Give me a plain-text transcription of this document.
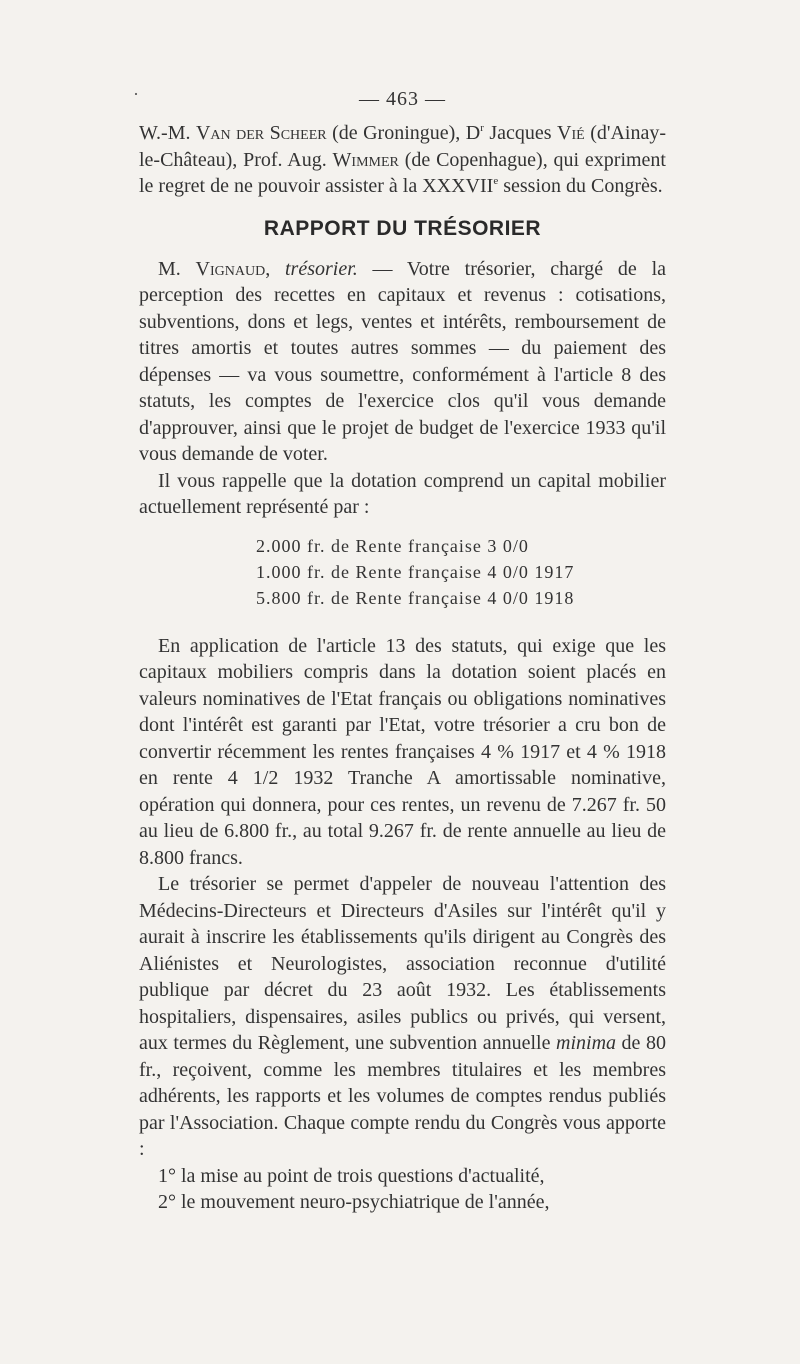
·	— 463 —

W.-M. Van der Scheer (de Groningue), $D^r$ Jacques Vié (d'Ainay-le-Château), Prof. Aug. Wimmer (de Copenhague), qui expriment le regret de ne pouvoir assister à la XXXVIIe session du Congrès.

RAPPORT DU TRÉSORIER

M. Vignaud, trésorier. — Votre trésorier, chargé de la perception des recettes en capitaux et revenus : cotisations, subventions, dons et legs, ventes et intérêts, remboursement de titres amortis et toutes autres sommes — du paiement des dépenses — va vous soumettre, conformément à l'article 8 des statuts, les comptes de l'exercice clos qu'il vous demande d'approuver, ainsi que le projet de budget de l'exercice 1933 qu'il vous demande de voter.

Il vous rappelle que la dotation comprend un capital mobilier actuellement représenté par :

2.000 fr. de Rente française 3 0/0
1.000 fr. de Rente française 4 0/0 1917
5.800 fr. de Rente française 4 0/0 1918

En application de l'article 13 des statuts, qui exige que les capitaux mobiliers compris dans la dotation soient placés en valeurs nominatives de l'Etat français ou obligations nominatives dont l'intérêt est garanti par l'Etat, votre trésorier a cru bon de convertir récemment les rentes françaises 4 % 1917 et 4 % 1918 en rente 4 1/2 1932 Tranche A amortissable nominative, opération qui donnera, pour ces rentes, un revenu de 7.267 fr. 50 au lieu de 6.800 fr., au total 9.267 fr. de rente annuelle au lieu de 8.800 francs.

Le trésorier se permet d'appeler de nouveau l'attention des Médecins-Directeurs et Directeurs d'Asiles sur l'intérêt qu'il y aurait à inscrire les établissements qu'ils dirigent au Congrès des Aliénistes et Neurologistes, association reconnue d'utilité publique par décret du 23 août 1932. Les établissements hospitaliers, dispensaires, asiles publics ou privés, qui versent, aux termes du Règlement, une subvention annuelle minima de 80 fr., reçoivent, comme les membres titulaires et les membres adhérents, les rapports et les volumes de comptes rendus publiés par l'Association. Chaque compte rendu du Congrès vous apporte :

1° la mise au point de trois questions d'actualité,

2° le mouvement neuro-psychiatrique de l'année,
